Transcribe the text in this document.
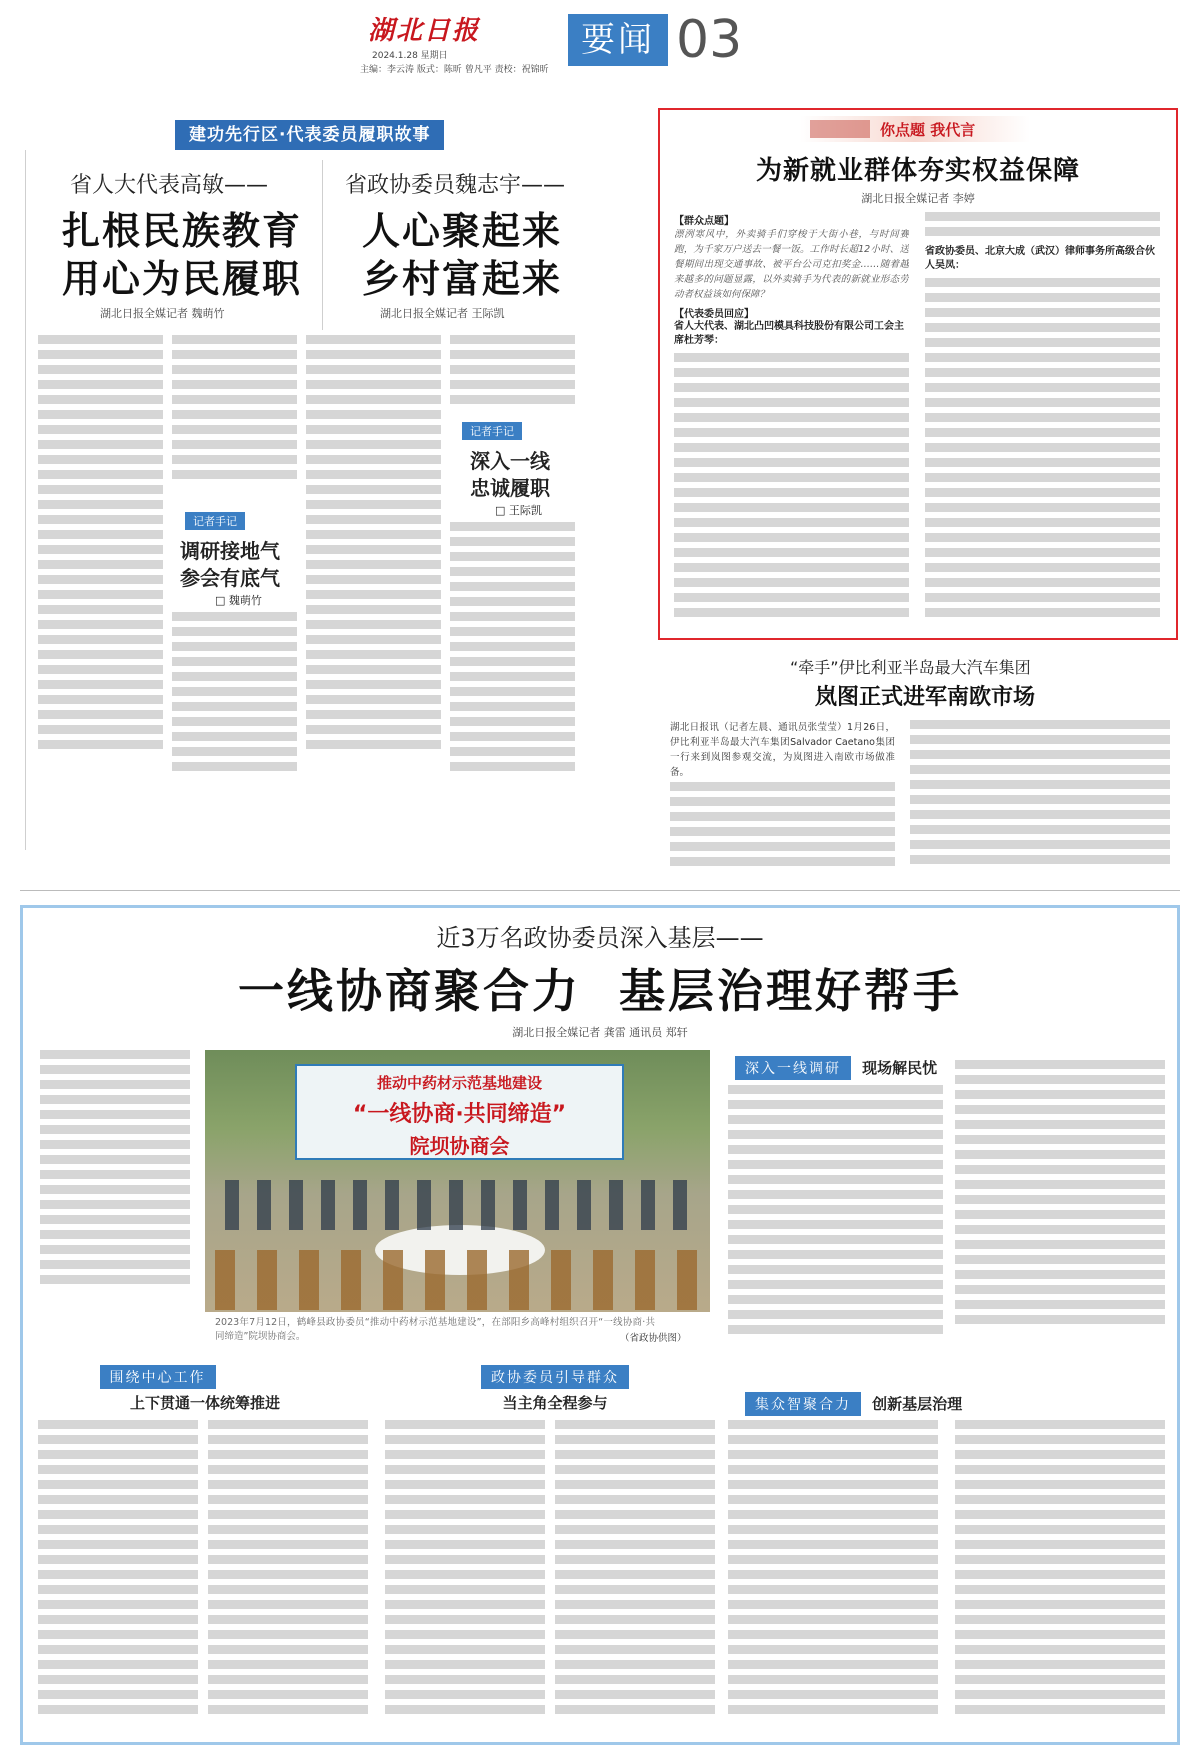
湖北日报
2024.1.28 星期日
主编：李云涛 版式：陈昕 曾凡平 责校：祝锦昕
要闻 03
建功先行区·代表委员履职故事
省人大代表高敏——
扎根民族教育
用心为民履职
湖北日报全媒记者 魏萌竹
省政协委员魏志宇——
人心聚起来
乡村富起来
湖北日报全媒记者 王际凯
记者手记
调研接地气
参会有底气
□ 魏萌竹
记者手记
深入一线
忠诚履职
□ 王际凯
你点题 我代言
为新就业群体夯实权益保障
湖北日报全媒记者 李婷
【群众点题】
漂洌寒风中，外卖骑手们穿梭于大街小巷，与时间赛跑，为千家万户送去一餐一饭。工作时长超12小时、送餐期间出现交通事故、被平台公司克扣奖金……随着越来越多的问题显露，以外卖骑手为代表的新就业形态劳动者权益该如何保障？
【代表委员回应】
省人大代表、湖北凸凹模具科技股份有限公司工会主席杜芳琴：
省政协委员、北京大成（武汉）律师事务所高级合伙人吴凤：
“牵手”伊比利亚半岛最大汽车集团
岚图正式进军南欧市场
湖北日报讯（记者左晨、通讯员张莹莹）1月26日，伊比利亚半岛最大汽车集团Salvador Caetano集团一行来到岚图参观交流，为岚图进入南欧市场做准备。
近3万名政协委员深入基层——
一线协商聚合力  基层治理好帮手
湖北日报全媒记者 龚雷 通讯员 郑轩
推动中药材示范基地建设
“一线协商·共同缔造”
院坝协商会
2023年7月12日，鹤峰县政协委员“推动中药材示范基地建设”，在部阳乡高峰村组织召开“一线协商·共同缔造”院坝协商会。	（省政协供图）
深入一线调研 现场解民忧
围绕中心工作
上下贯通一体统筹推进
政协委员引导群众
当主角全程参与	集众智聚合力 创新基层治理
